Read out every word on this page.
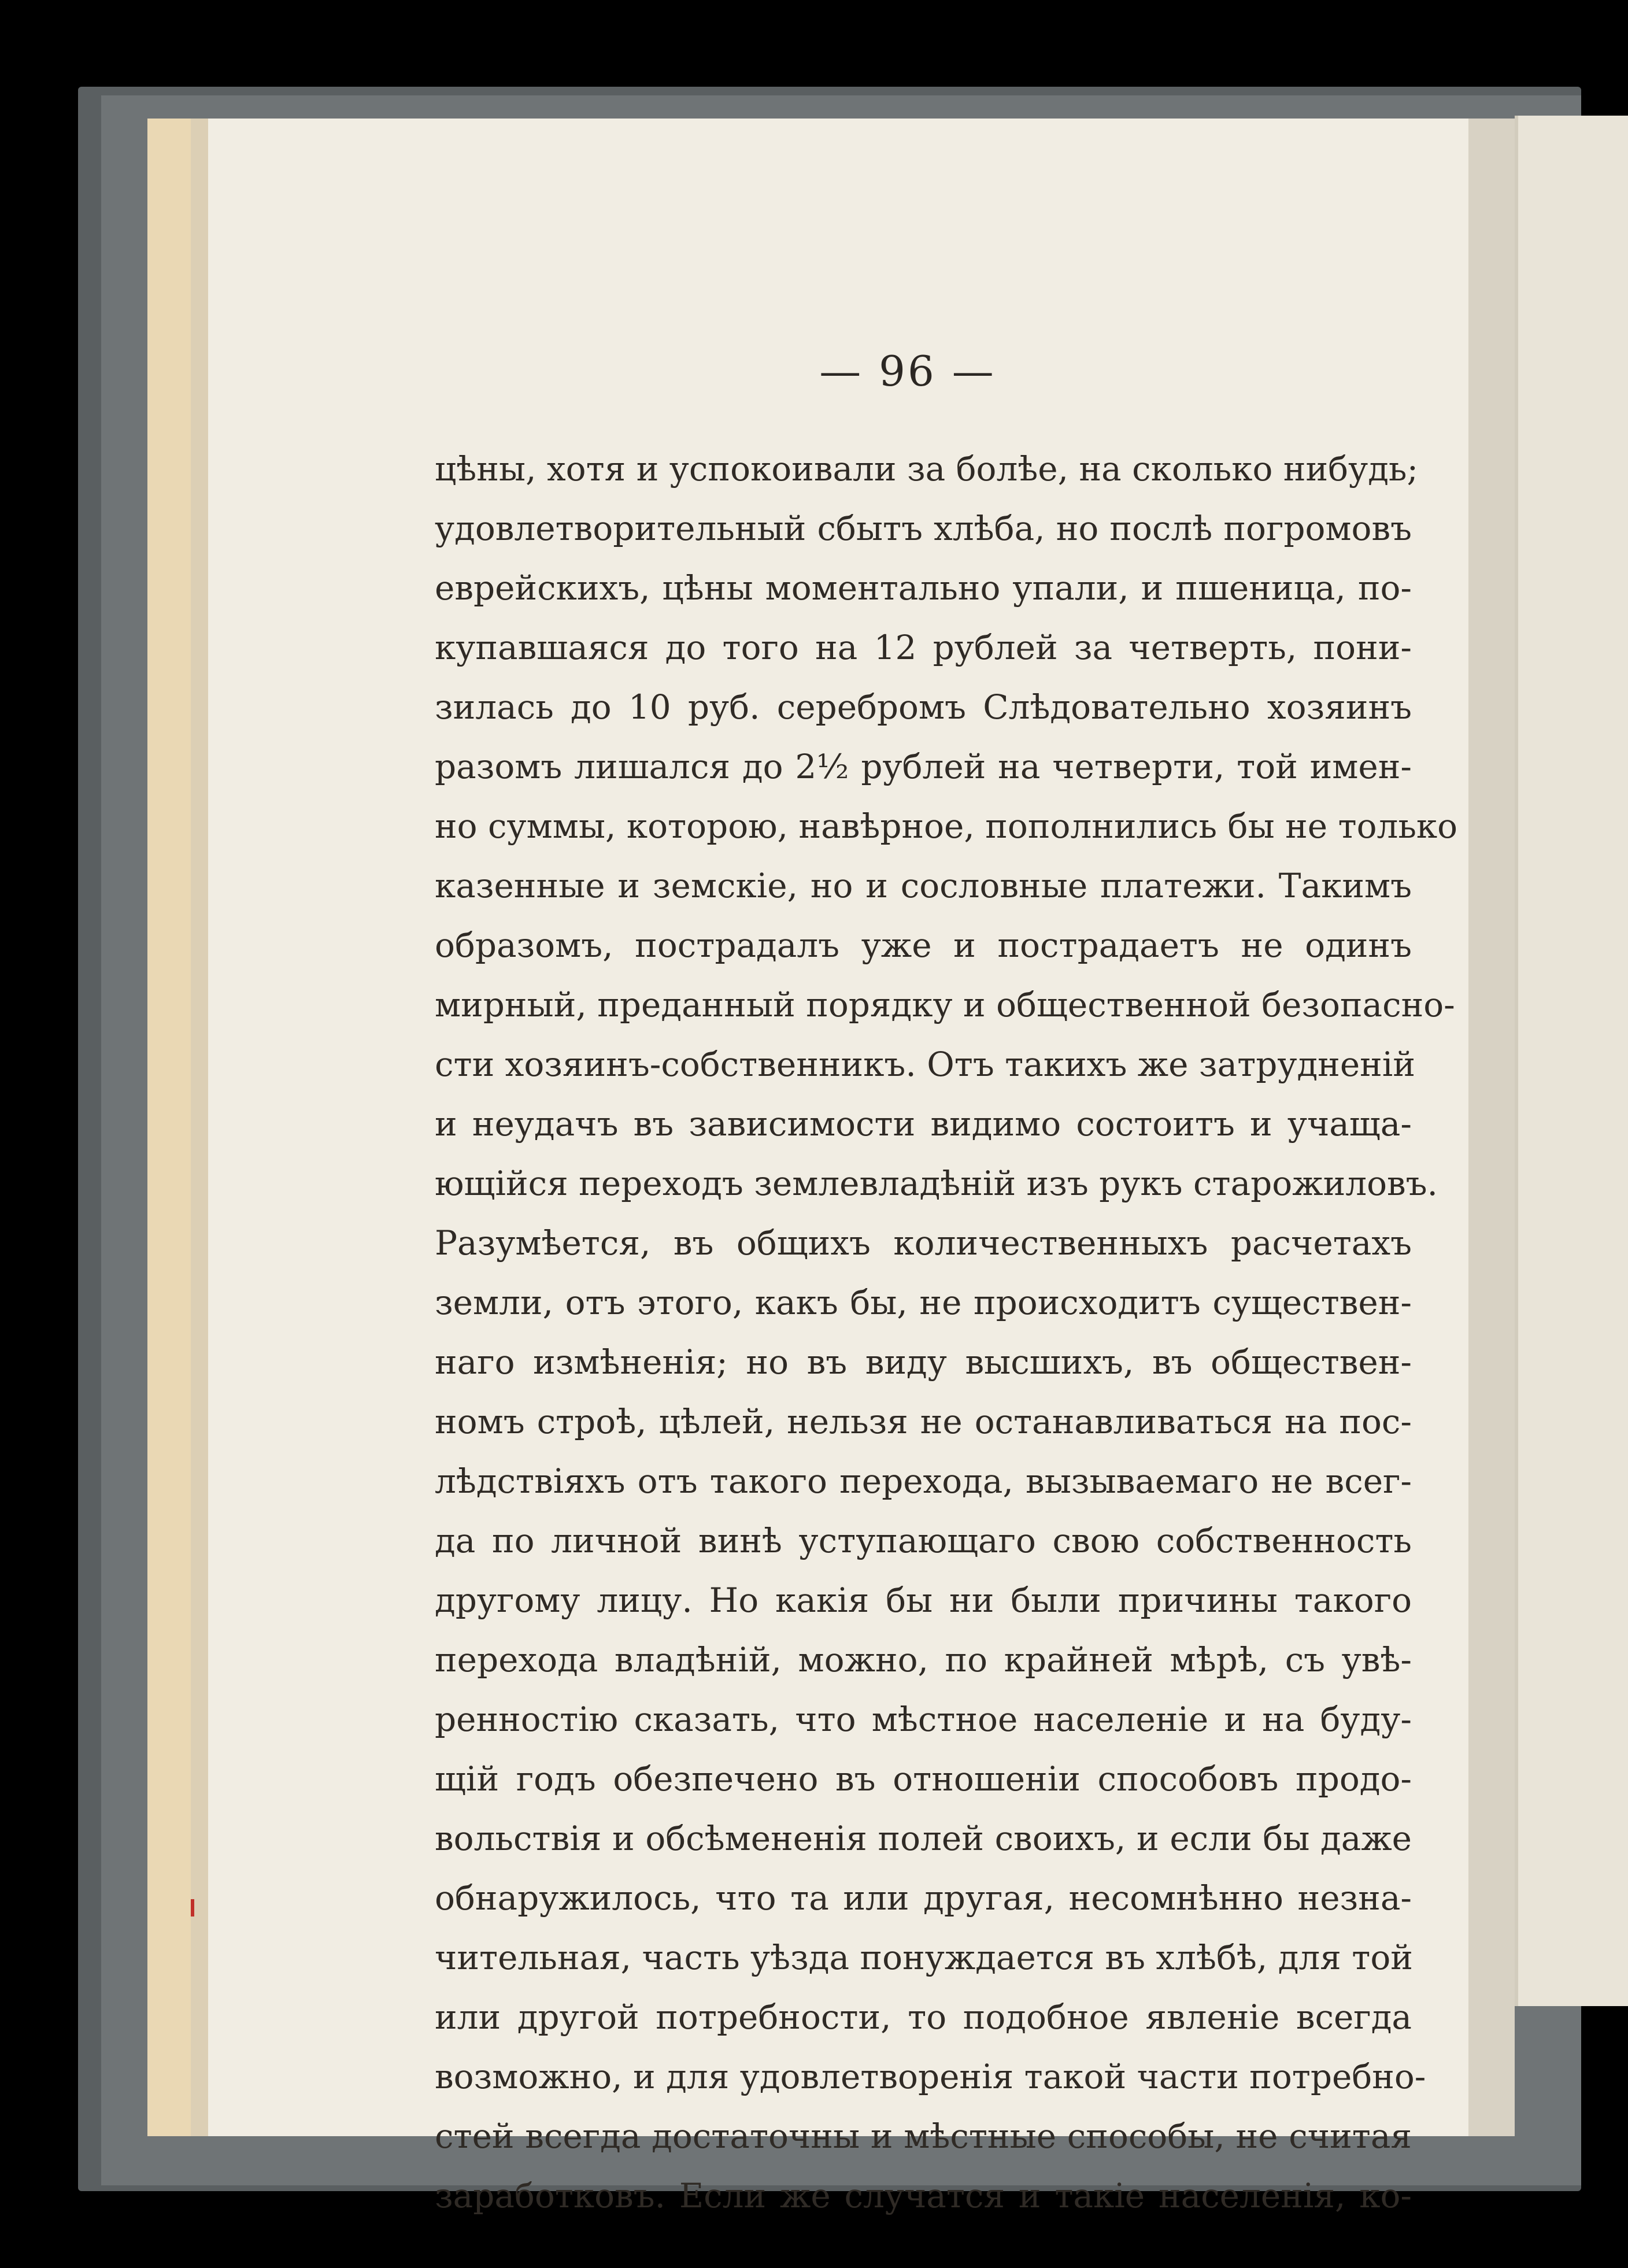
— 96 —
цѣны, хотя и успокоивали за болѣе, на сколько нибудь;
удовлетворительный сбытъ хлѣба, но послѣ погромовъ
еврейскихъ, цѣны моментально упали, и пшеница, по-
купавшаяся до того на 12 рублей за четверть, пони-
зилась до 10 руб. серебромъ Слѣдовательно хозяинъ
разомъ лишался до 2½ рублей на четверти, той имен-
но суммы, которою, навѣрное, пополнились бы не только
казенные и земскіе, но и сословные платежи. Такимъ
образомъ, пострадалъ уже и пострадаетъ не одинъ
мирный, преданный порядку и общественной безопасно-
сти хозяинъ-собственникъ. Отъ такихъ же затрудненій
и неудачъ въ зависимости видимо состоитъ и учаща-
ющійся переходъ землевладѣній изъ рукъ старожиловъ.
Разумѣется, въ общихъ количественныхъ расчетахъ
земли, отъ этого, какъ бы, не происходитъ существен-
наго измѣненія; но въ виду высшихъ, въ обществен-
номъ строѣ, цѣлей, нельзя не останавливаться на пос-
лѣдствіяхъ отъ такого перехода, вызываемаго не всег-
да по личной винѣ уступающаго свою собственность
другому лицу. Но какія бы ни были причины такого
перехода владѣній, можно, по крайней мѣрѣ, съ увѣ-
ренностію сказать, что мѣстное населеніе и на буду-
щій годъ обезпечено въ отношеніи способовъ продо-
вольствія и обсѣмененія полей своихъ, и если бы даже
обнаружилось, что та или другая, несомнѣнно незна-
чительная, часть уѣзда понуждается въ хлѣбѣ, для той
или другой потребности, то подобное явленіе всегда
возможно, и для удовлетворенія такой части потребно-
стей всегда достаточны и мѣстные способы, не считая
заработковъ. Если же случатся и такіе населенія, ко-
